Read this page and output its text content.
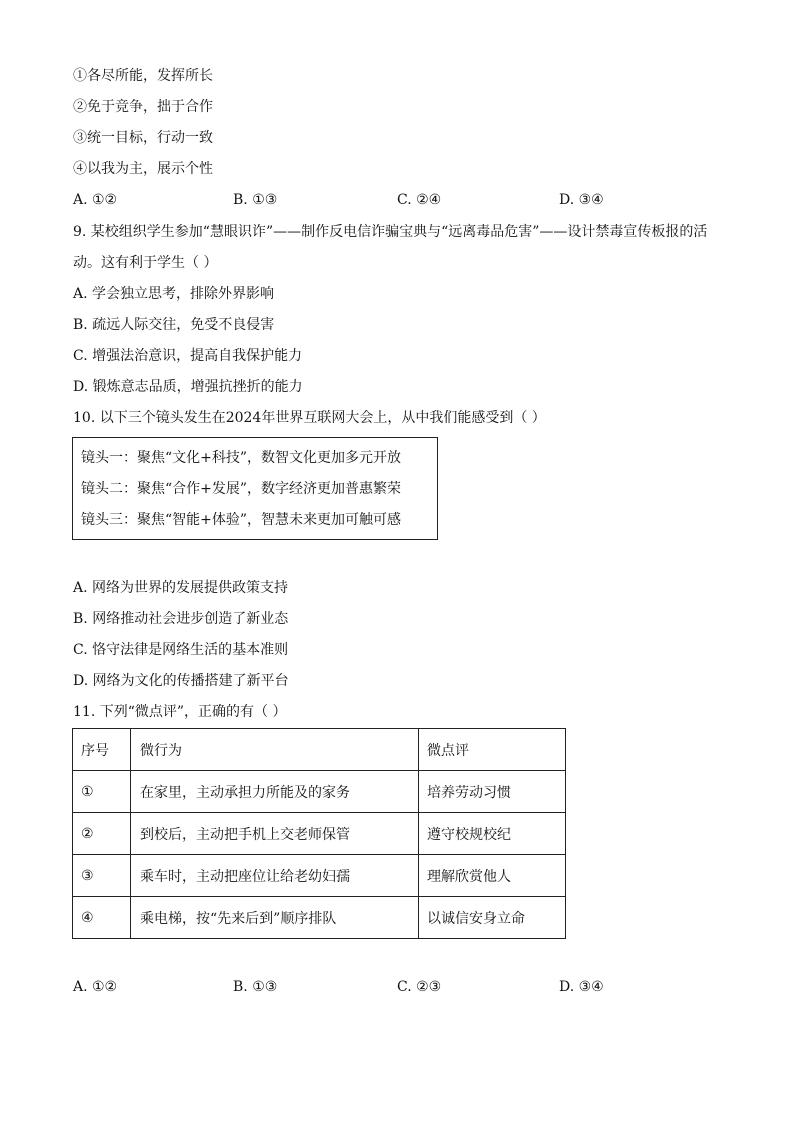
①各尽所能，发挥所长
②免于竞争，拙于合作
③统一目标，行动一致
④以我为主，展示个性
A. ①②	B. ①③	C. ②④	D. ③④
9. 某校组织学生参加“慧眼识诈”——制作反电信诈骗宝典与“远离毒品危害”——设计禁毒宣传板报的活
动。这有利于学生（ ）
A. 学会独立思考，排除外界影响
B. 疏远人际交往，免受不良侵害
C. 增强法治意识，提高自我保护能力
D. 锻炼意志品质，增强抗挫折的能力
10. 以下三个镜头发生在2024年世界互联网大会上，从中我们能感受到（ ）
镜头一：聚焦“文化+科技”，数智文化更加多元开放
镜头二：聚焦“合作+发展”，数字经济更加普惠繁荣
镜头三：聚焦“智能+体验”，智慧未来更加可触可感
A. 网络为世界的发展提供政策支持
B. 网络推动社会进步创造了新业态
C. 恪守法律是网络生活的基本准则
D. 网络为文化的传播搭建了新平台
11. 下列“微点评”，正确的有（ ）
序号	微行为	微点评
①	在家里，主动承担力所能及的家务	培养劳动习惯
②	到校后，主动把手机上交老师保管	遵守校规校纪
③	乘车时，主动把座位让给老幼妇孺	理解欣赏他人
④	乘电梯，按“先来后到”顺序排队	以诚信安身立命
A. ①②	B. ①③	C. ②③	D. ③④
